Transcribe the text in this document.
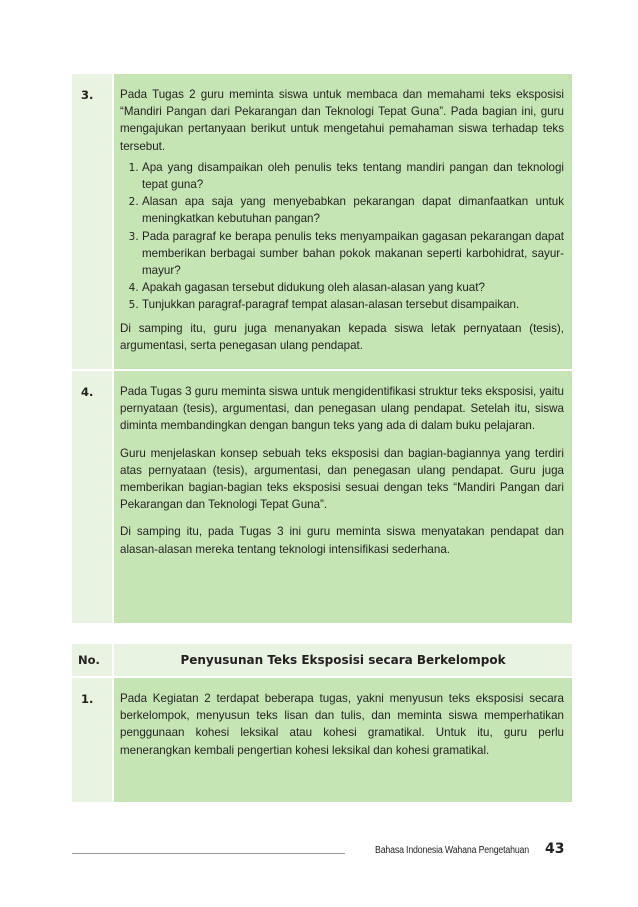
3.	Pada Tugas 2 guru meminta siswa untuk membaca dan memahami teks eksposisi “Mandiri Pangan dari Pekarangan dan Teknologi Tepat Guna”. Pada bagian ini, guru mengajukan pertanyaan berikut untuk mengetahui pemahaman siswa terhadap teks tersebut.

1. Apa yang disampaikan oleh penulis teks tentang mandiri pangan dan teknologi tepat guna?
2. Alasan apa saja yang menyebabkan pekarangan dapat dimanfaatkan untuk meningkatkan kebutuhan pangan?
3. Pada paragraf ke berapa penulis teks menyampaikan gagasan pekarangan dapat memberikan berbagai sumber bahan pokok makanan seperti karbohidrat, sayur-mayur?
4. Apakah gagasan tersebut didukung oleh alasan-alasan yang kuat?
5. Tunjukkan paragraf-paragraf tempat alasan-alasan tersebut disampaikan.

Di samping itu, guru juga menanyakan kepada siswa letak pernyataan (tesis), argumentasi, serta penegasan ulang pendapat.

4.	Pada Tugas 3 guru meminta siswa untuk mengidentifikasi struktur teks eksposisi, yaitu pernyataan (tesis), argumentasi, dan penegasan ulang pendapat. Setelah itu, siswa diminta membandingkan dengan bangun teks yang ada di dalam buku pelajaran.

Guru menjelaskan konsep sebuah teks eksposisi dan bagian-bagiannya yang terdiri atas pernyataan (tesis), argumentasi, dan penegasan ulang pendapat. Guru juga memberikan bagian-bagian teks eksposisi sesuai dengan teks “Mandiri Pangan dari Pekarangan dan Teknologi Tepat Guna”.

Di samping itu, pada Tugas 3 ini guru meminta siswa menyatakan pendapat dan alasan-alasan mereka tentang teknologi intensifikasi sederhana.

No.	Penyusunan Teks Eksposisi secara Berkelompok
1.	Pada Kegiatan 2 terdapat beberapa tugas, yakni menyusun teks eksposisi secara berkelompok, menyusun teks lisan dan tulis, dan meminta siswa memperhatikan penggunaan kohesi leksikal atau kohesi gramatikal. Untuk itu, guru perlu menerangkan kembali pengertian kohesi leksikal dan kohesi gramatikal.

Bahasa Indonesia Wahana Pengetahuan 43
